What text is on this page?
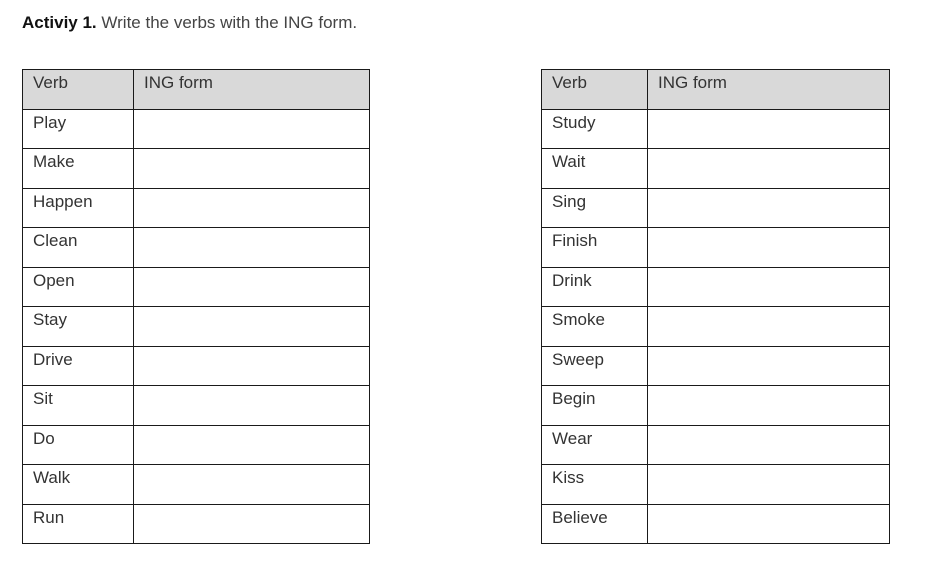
Activiy 1. Write the verbs with the ING form.
Verb	ING form
Play	
Make	
Happen	
Clean	
Open	
Stay	
Drive	
Sit	
Do	
Walk	
Run	
Verb	ING form
Study	
Wait	
Sing	
Finish	
Drink	
Smoke	
Sweep	
Begin	
Wear	
Kiss	
Believe	
